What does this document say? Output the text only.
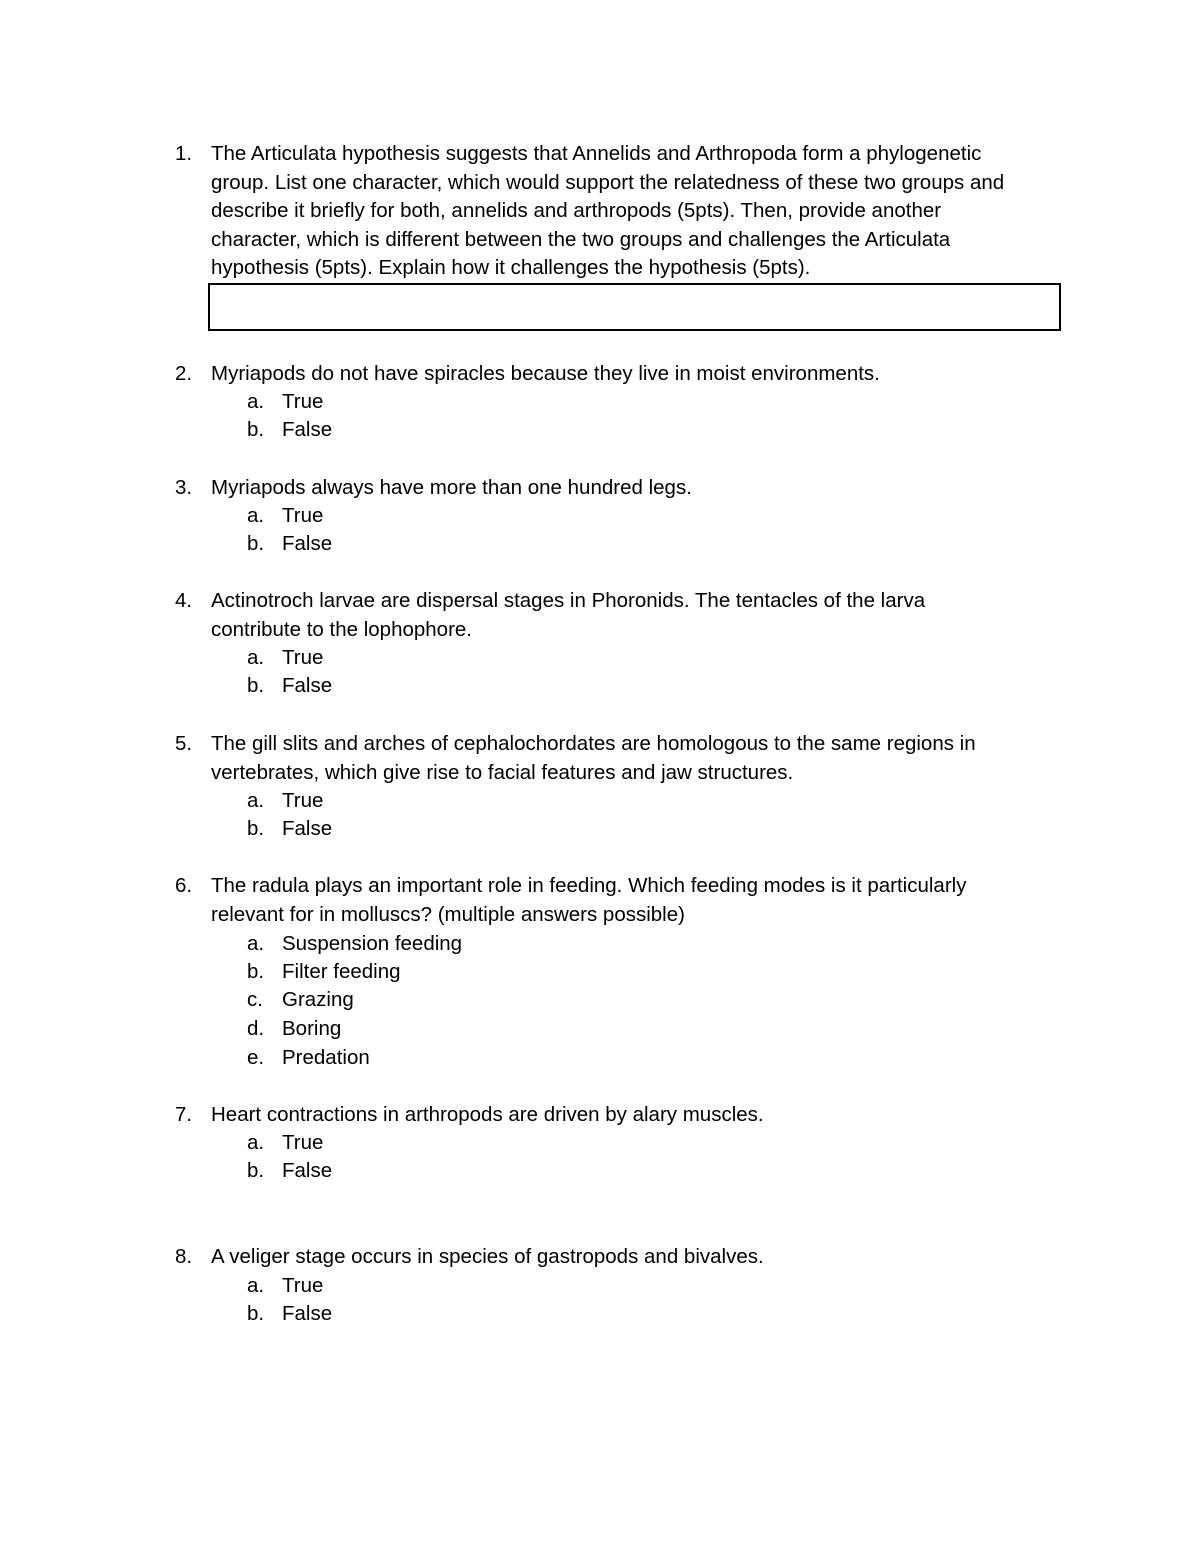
1. The Articulata hypothesis suggests that Annelids and Arthropoda form a phylogenetic
group. List one character, which would support the relatedness of these two groups and
describe it briefly for both, annelids and arthropods (5pts). Then, provide another
character, which is different between the two groups and challenges the Articulata
hypothesis (5pts). Explain how it challenges the hypothesis (5pts).
2. Myriapods do not have spiracles because they live in moist environments.
a. True
b. False
3. Myriapods always have more than one hundred legs.
a. True
b. False
4. Actinotroch larvae are dispersal stages in Phoronids. The tentacles of the larva
contribute to the lophophore.
a. True
b. False
5. The gill slits and arches of cephalochordates are homologous to the same regions in
vertebrates, which give rise to facial features and jaw structures.
a. True
b. False
6. The radula plays an important role in feeding. Which feeding modes is it particularly
relevant for in molluscs? (multiple answers possible)
a. Suspension feeding
b. Filter feeding
c. Grazing
d. Boring
e. Predation
7. Heart contractions in arthropods are driven by alary muscles.
a. True
b. False
8. A veliger stage occurs in species of gastropods and bivalves.
a. True
b. False
